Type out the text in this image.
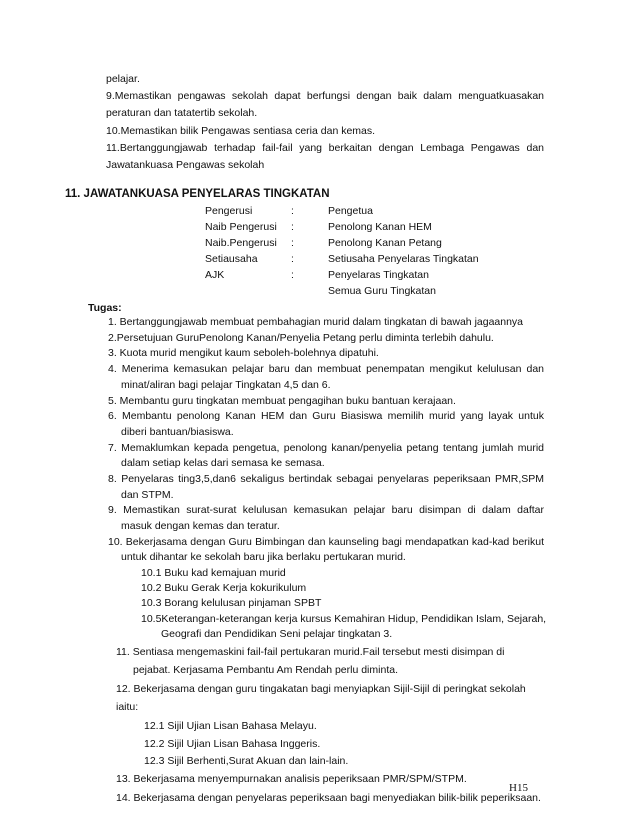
pelajar.
9.Memastikan pengawas sekolah dapat berfungsi dengan baik dalam menguatkuasakan
peraturan dan tatatertib sekolah.
10.Memastikan bilik Pengawas sentiasa ceria dan kemas.
11.Bertanggungjawab terhadap fail-fail yang berkaitan dengan Lembaga Pengawas dan
Jawatankuasa Pengawas sekolah
11. JAWATANKUASA PENYELARAS TINGKATAN
Pengerusi	:	Pengetua
Naib Pengerusi :	Penolong Kanan HEM
Naib.Pengerusi :	Penolong Kanan Petang
Setiausaha	:	Setiusaha Penyelaras Tingkatan
AJK	:	Penyelaras Tingkatan
Semua Guru Tingkatan
Tugas:
1. Bertanggungjawab membuat pembahagian murid dalam tingkatan di bawah jagaannya
2.Persetujuan GuruPenolong Kanan/Penyelia Petang perlu diminta terlebih dahulu.
3. Kuota murid mengikut kaum seboleh-bolehnya dipatuhi.
4. Menerima kemasukan pelajar baru dan membuat penempatan mengikut kelulusan dan
minat/aliran bagi pelajar Tingkatan 4,5 dan 6.
5. Membantu guru tingkatan membuat pengagihan buku bantuan kerajaan.
6. Membantu penolong Kanan HEM dan Guru Biasiswa memilih murid yang layak untuk
diberi bantuan/biasiswa.
7. Memaklumkan kepada pengetua, penolong kanan/penyelia petang tentang jumlah murid
dalam setiap kelas dari semasa ke semasa.
8. Penyelaras ting3,5,dan6 sekaligus bertindak sebagai penyelaras peperiksaan PMR,SPM
dan STPM.
9. Memastikan surat-surat kelulusan kemasukan pelajar baru disimpan di dalam daftar
masuk dengan kemas dan teratur.
10. Bekerjasama dengan Guru Bimbingan dan kaunseling bagi mendapatkan kad-kad berikut
untuk dihantar ke sekolah baru jika berlaku pertukaran murid.
10.1 Buku kad kemajuan murid
10.2 Buku Gerak Kerja kokurikulum
10.3 Borang kelulusan pinjaman SPBT
10.5Keterangan-keterangan kerja kursus Kemahiran Hidup, Pendidikan Islam, Sejarah,
Geografi dan Pendidikan Seni pelajar tingkatan 3.
11. Sentiasa mengemaskini fail-fail pertukaran murid.Fail tersebut mesti disimpan di
pejabat. Kerjasama Pembantu Am Rendah perlu diminta.
12. Bekerjasama dengan guru tingakatan bagi menyiapkan Sijil-Sijil di peringkat sekolah
iaitu:
12.1 Sijil Ujian Lisan Bahasa Melayu.
12.2 Sijil Ujian Lisan Bahasa Inggeris.
H15
12.3 Sijil Berhenti,Surat Akuan dan lain-lain.
13. Bekerjasama menyempurnakan analisis peperiksaan PMR/SPM/STPM.
14. Bekerjasama dengan penyelaras peperiksaan bagi menyediakan bilik-bilik peperiksaan.
